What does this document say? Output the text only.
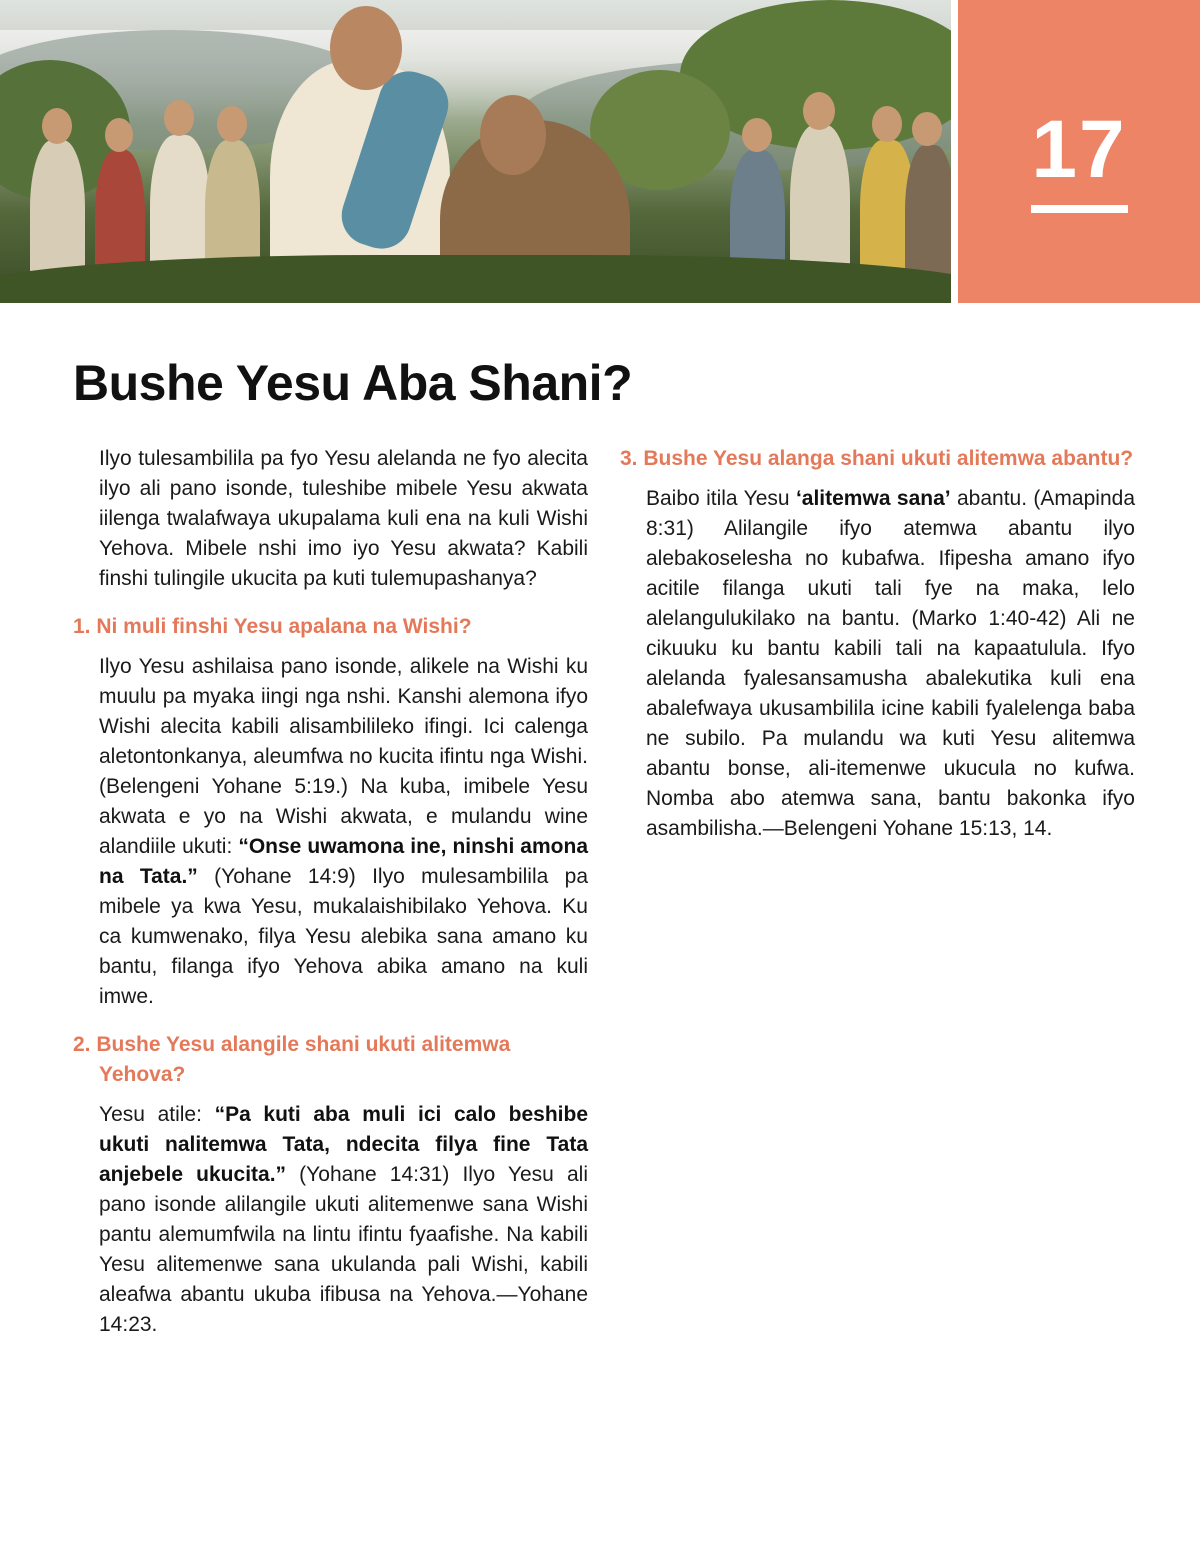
17
Bushe Yesu Aba Shani?

Ilyo tulesambilila pa fyo Yesu alelanda ne fyo alecita ilyo ali pano isonde, tuleshibe mibele Yesu akwata iilenga twalafwaya ukupalama kuli ena na kuli Wishi Yehova. Mibele nshi imo iyo Yesu akwata? Kabili finshi tulingile ukucita pa kuti tulemupashanya?

1. Ni muli finshi Yesu apalana na Wishi?

Ilyo Yesu ashilaisa pano isonde, alikele na Wishi ku muulu pa myaka iingi nga nshi. Kanshi alemona ifyo Wishi alecita kabili alisambilileko ifingi. Ici calenga aletontonkanya, aleumfwa no kucita ifintu nga Wishi. (Belengeni Yohane 5:19.) Na kuba, imibele Yesu akwata e yo na Wishi akwata, e mulandu wine alandiile ukuti: “Onse uwamona ine, ninshi amona na Tata.” (Yohane 14:9) Ilyo mulesambilila pa mibele ya kwa Yesu, mukalaishibilako Yehova. Ku ca kumwenako, filya Yesu alebika sana amano ku bantu, filanga ifyo Yehova abika amano na kuli imwe.

2. Bushe Yesu alangile shani ukuti alitemwa Yehova?

Yesu atile: “Pa kuti aba muli ici calo beshibe ukuti nalitemwa Tata, ndecita filya fine Tata anjebele ukucita.” (Yohane 14:31) Ilyo Yesu ali pano isonde alilangile ukuti alitemenwe sana Wishi pantu alemumfwila na lintu ifintu fyaafishe. Na kabili Yesu alitemenwe sana ukulanda pali Wishi, kabili aleafwa abantu ukuba ifibusa na Yehova.—Yohane 14:23.

3. Bushe Yesu alanga shani ukuti alitemwa abantu?

Baibo itila Yesu ‘alitemwa sana’ abantu. (Amapinda 8:31) Alilangile ifyo atemwa abantu ilyo alebakoselesha no kubafwa. Ifipesha amano ifyo acitile filanga ukuti tali fye na maka, lelo alelangulukilako na bantu. (Marko 1:40-42) Ali ne cikuuku ku bantu kabili tali na kapaatulula. Ifyo alelanda fyalesansamusha abalekutika kuli ena abalefwaya ukusambilila icine kabili fyalelenga baba ne subilo. Pa mulandu wa kuti Yesu alitemwa abantu bonse, ali-itemenwe ukucula no kufwa. Nomba abo atemwa sana, bantu bakonka ifyo asambilisha.—Belengeni Yohane 15:13, 14.
